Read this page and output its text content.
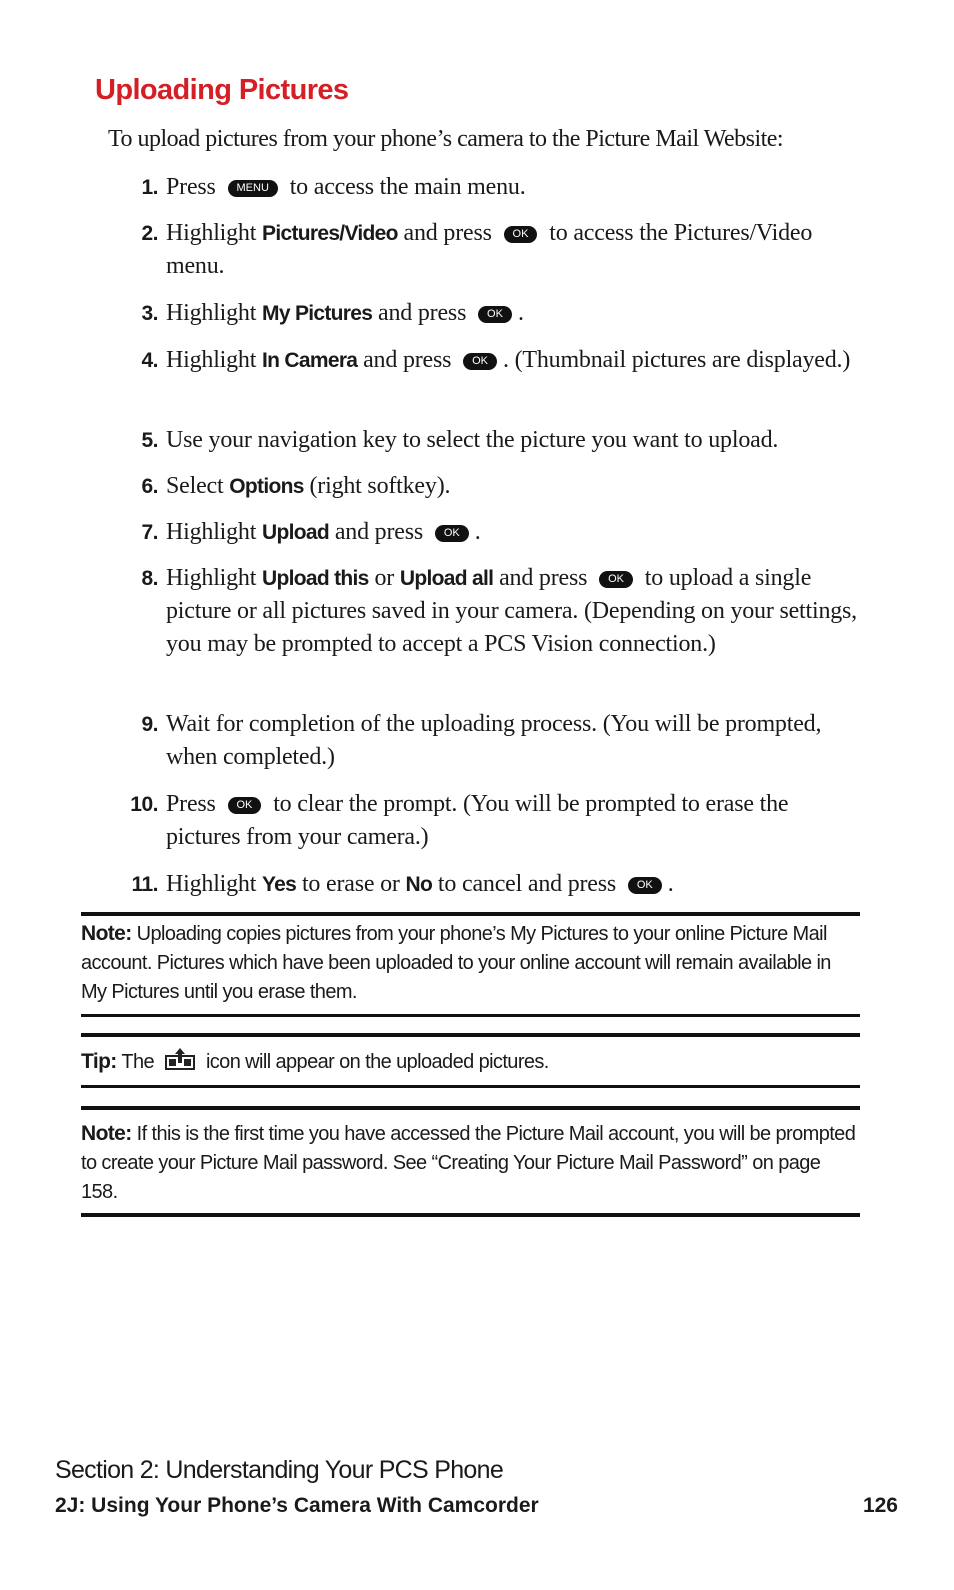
Uploading Pictures

To upload pictures from your phone’s camera to the Picture Mail Website:

1. Press MENU to access the main menu.
2. Highlight Pictures/Video and press OK to access the Pictures/Video menu.
3. Highlight My Pictures and press OK .
4. Highlight In Camera and press OK . (Thumbnail pictures are displayed.)
5. Use your navigation key to select the picture you want to upload.
6. Select Options (right softkey).
7. Highlight Upload and press OK .
8. Highlight Upload this or Upload all and press OK to upload a single picture or all pictures saved in your camera. (Depending on your settings, you may be prompted to accept a PCS Vision connection.)
9. Wait for completion of the uploading process. (You will be prompted, when completed.)
10. Press OK to clear the prompt. (You will be prompted to erase the pictures from your camera.)
11. Highlight Yes to erase or No to cancel and press OK .
Note: Uploading copies pictures from your phone’s My Pictures to your online Picture Mail account. Pictures which have been uploaded to your online account will remain available in My Pictures until you erase them.
Tip: The	icon will appear on the uploaded pictures.
Note: If this is the first time you have accessed the Picture Mail account, you will be prompted to create your Picture Mail password. See “Creating Your Picture Mail Password” on page 158.
Section 2: Understanding Your PCS Phone
2J: Using Your Phone’s Camera With Camcorder	126
